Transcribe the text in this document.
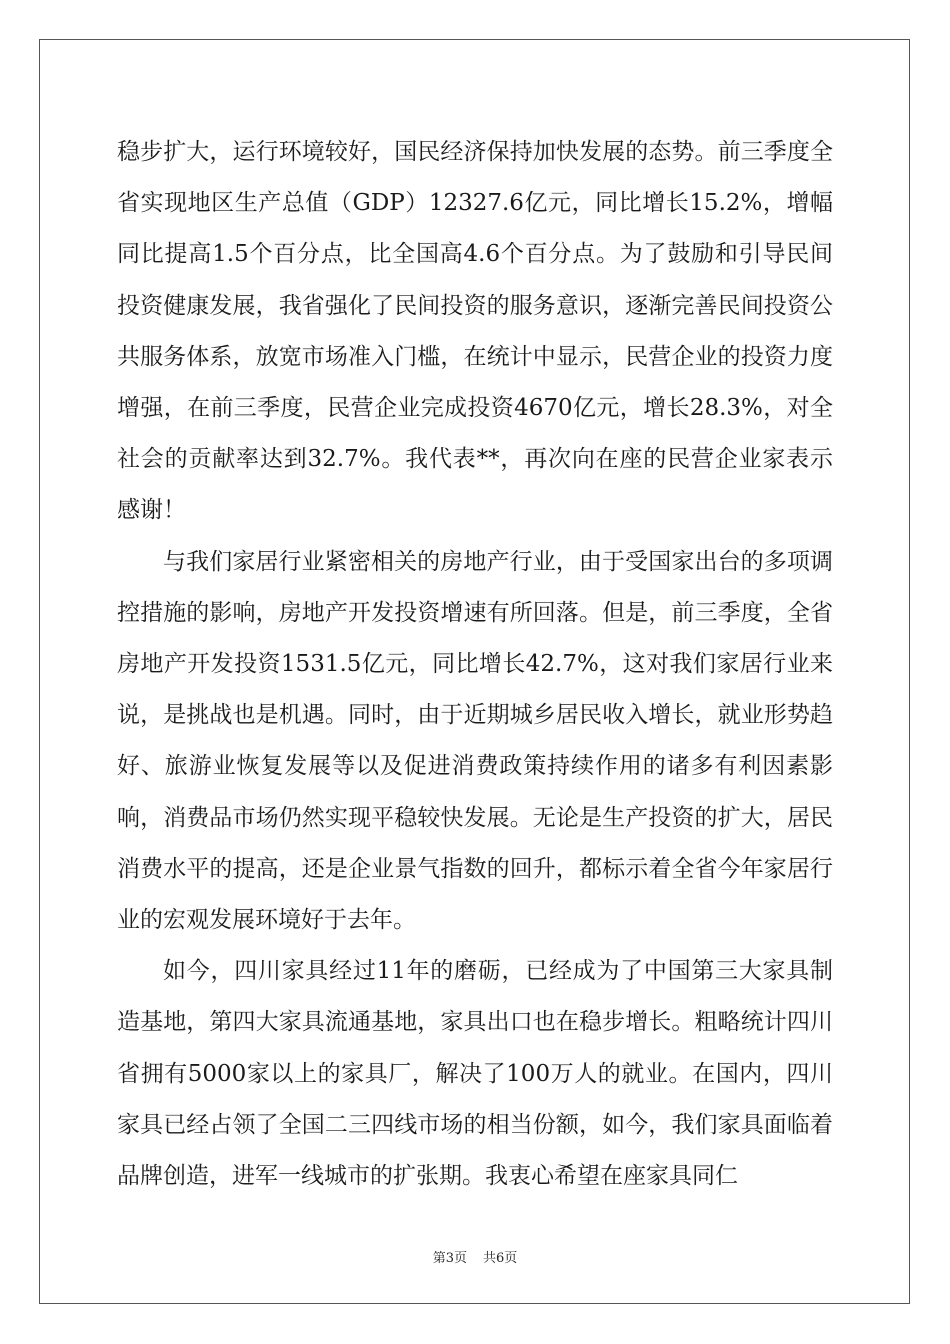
稳步扩大，运行环境较好，国民经济保持加快发展的态势。前三季度全省实现地区生产总值（GDP）12327.6亿元，同比增长15.2%，增幅同比提高1.5个百分点，比全国高4.6个百分点。为了鼓励和引导民间投资健康发展，我省强化了民间投资的服务意识，逐渐完善民间投资公共服务体系，放宽市场准入门槛，在统计中显示，民营企业的投资力度增强，在前三季度，民营企业完成投资4670亿元，增长28.3%，对全社会的贡献率达到32.7%。我代表**，再次向在座的民营企业家表示感谢！

与我们家居行业紧密相关的房地产行业，由于受国家出台的多项调控措施的影响，房地产开发投资增速有所回落。但是，前三季度，全省房地产开发投资1531.5亿元，同比增长42.7%，这对我们家居行业来说，是挑战也是机遇。同时，由于近期城乡居民收入增长，就业形势趋好、旅游业恢复发展等以及促进消费政策持续作用的诸多有利因素影响，消费品市场仍然实现平稳较快发展。无论是生产投资的扩大，居民消费水平的提高，还是企业景气指数的回升，都标示着全省今年家居行业的宏观发展环境好于去年。

如今，四川家具经过11年的磨砺，已经成为了中国第三大家具制造基地，第四大家具流通基地，家具出口也在稳步增长。粗略统计四川省拥有5000家以上的家具厂，解决了100万人的就业。在国内，四川家具已经占领了全国二三四线市场的相当份额，如今，我们家具面临着品牌创造，进军一线城市的扩张期。我衷心希望在座家具同仁

第3页 共6页
